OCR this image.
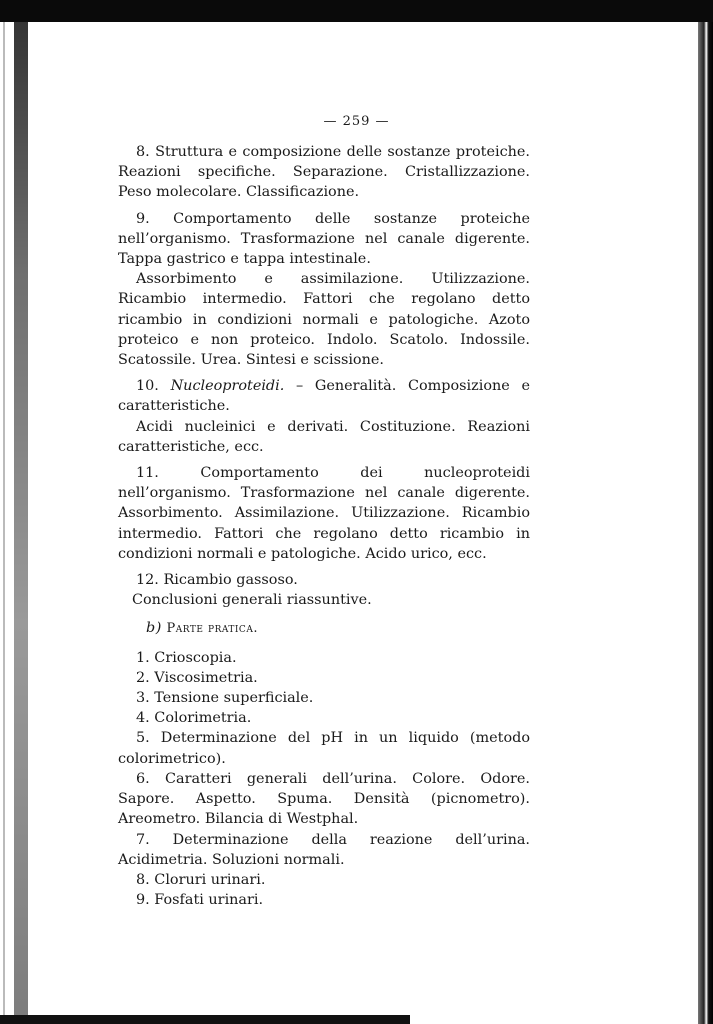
— 259 —

8. Struttura e composizione delle sostanze proteiche. Reazioni specifiche. Separazione. Cristallizzazione. Peso molecolare. Classificazione.

9. Comportamento delle sostanze proteiche nell’organismo. Trasformazione nel canale digerente. Tappa gastrico e tappa intestinale.

Assorbimento e assimilazione. Utilizzazione. Ricambio intermedio. Fattori che regolano detto ricambio in condizioni normali e patologiche. Azoto proteico e non proteico. Indolo. Scatolo. Indossile. Scatossile. Urea. Sintesi e scissione.

10. Nucleoproteidi. – Generalità. Composizione e caratteristiche.

Acidi nucleinici e derivati. Costituzione. Reazioni caratteristiche, ecc.

11. Comportamento dei nucleoproteidi nell’organismo. Trasformazione nel canale digerente. Assorbimento. Assimilazione. Utilizzazione. Ricambio intermedio. Fattori che regolano detto ricambio in condizioni normali e patologiche. Acido urico, ecc.

12. Ricambio gassoso.

Conclusioni generali riassuntive.

b) Parte pratica.

1. Crioscopia.

2. Viscosimetria.

3. Tensione superficiale.

4. Colorimetria.

5. Determinazione del pH in un liquido (metodo colorimetrico).

6. Caratteri generali dell’urina. Colore. Odore. Sapore. Aspetto. Spuma. Densità (picnometro). Areometro. Bilancia di Westphal.

7. Determinazione della reazione dell’urina. Acidimetria. Soluzioni normali.

8. Cloruri urinari.

9. Fosfati urinari.
